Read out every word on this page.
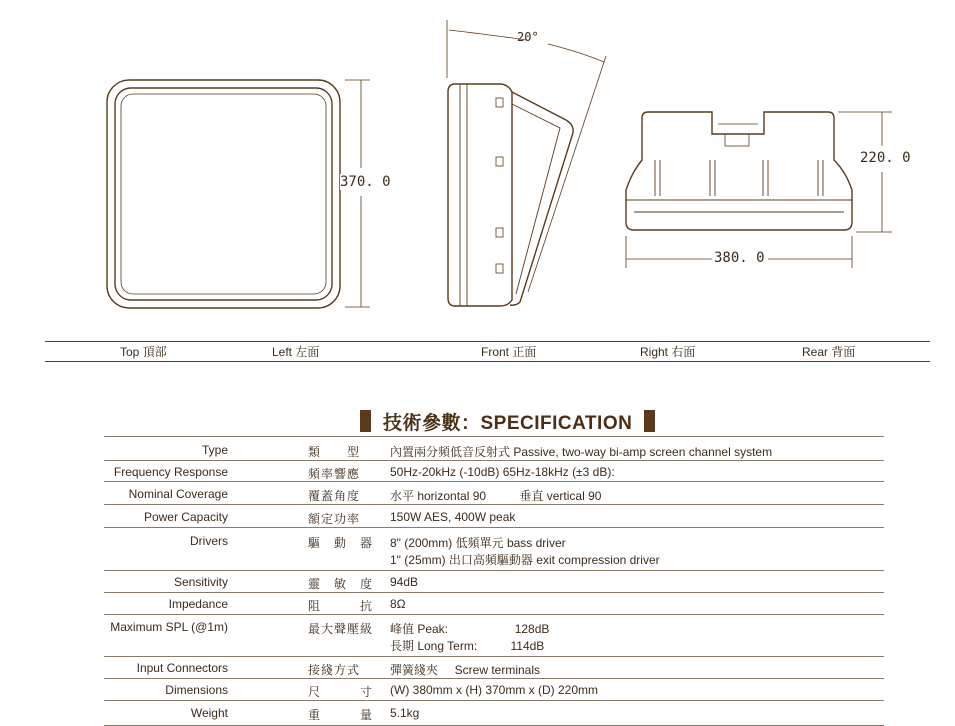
20°
370. 0
220. 0
380. 0
Top 頂部	Left 左面	Front 正面	Right 右面	Rear 背面
技術參數：SPECIFICATION
Type	類　　型 內置兩分頻低音反射式 Passive, two-way bi-amp screen channel system
Frequency Response	頻率響應 50Hz-20kHz (-10dB) 65Hz-18kHz (±3 dB):
Nominal Coverage	覆蓋角度 水平 horizontal 90          垂直 vertical 90
Power Capacity	額定功率 150W AES, 400W peak
Drivers	驅　動　器 8" (200mm) 低頻單元 bass driver
1" (25mm) 出口高頻驅動器 exit compression driver
Sensitivity	靈　敏　度 94dB
Impedance	阻　　　抗 8Ω
Maximum SPL (@1m)	最大聲壓級 峰值 Peak:                    128dB
長期 Long Term:          114dB
Input Connectors	接綫方式 彈簧綫夾     Screw terminals
Dimensions	尺　　　寸 (W) 380mm x (H) 370mm x (D) 220mm
Weight	重　　　量 5.1kg
